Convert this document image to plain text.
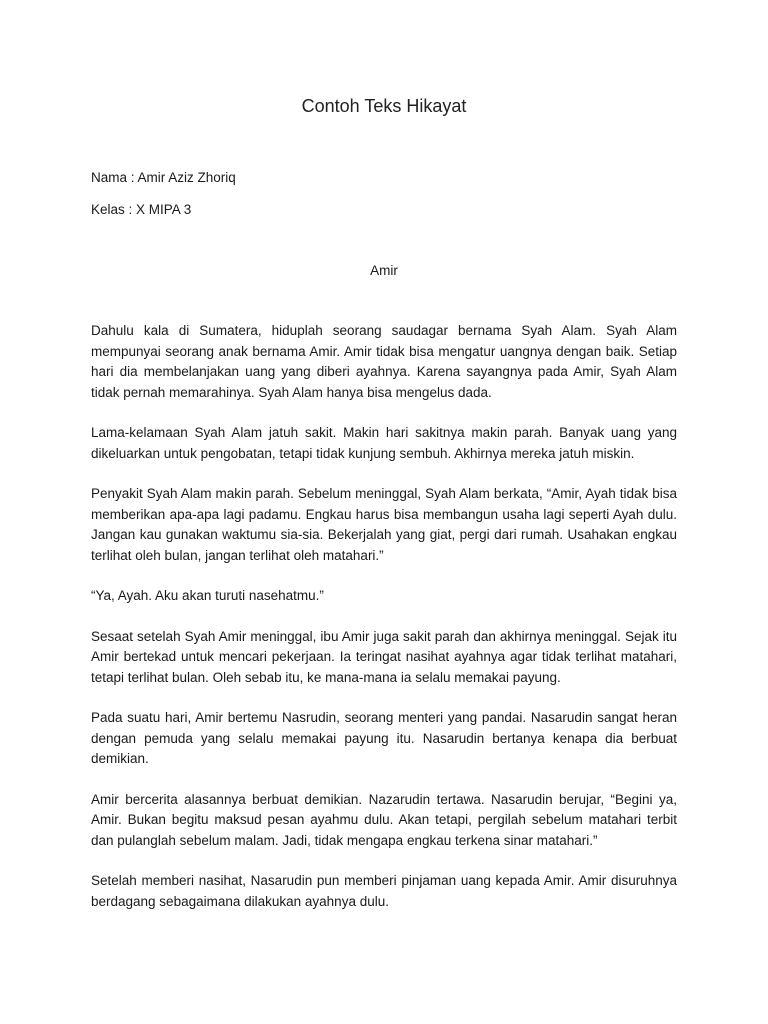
Contoh Teks Hikayat

Nama : Amir Aziz Zhoriq

Kelas : X MIPA 3

Amir

Dahulu kala di Sumatera, hiduplah seorang saudagar bernama Syah Alam. Syah Alam mempunyai seorang anak bernama Amir. Amir tidak bisa mengatur uangnya dengan baik. Setiap hari dia membelanjakan uang yang diberi ayahnya. Karena sayangnya pada Amir, Syah Alam tidak pernah memarahinya. Syah Alam hanya bisa mengelus dada.

Lama-kelamaan Syah Alam jatuh sakit. Makin hari sakitnya makin parah. Banyak uang yang dikeluarkan untuk pengobatan, tetapi tidak kunjung sembuh. Akhirnya mereka jatuh miskin.

Penyakit Syah Alam makin parah. Sebelum meninggal, Syah Alam berkata, “Amir, Ayah tidak bisa memberikan apa-apa lagi padamu. Engkau harus bisa membangun usaha lagi seperti Ayah dulu. Jangan kau gunakan waktumu sia-sia. Bekerjalah yang giat, pergi dari rumah. Usahakan engkau terlihat oleh bulan, jangan terlihat oleh matahari.”

“Ya, Ayah. Aku akan turuti nasehatmu.”

Sesaat setelah Syah Amir meninggal, ibu Amir juga sakit parah dan akhirnya meninggal. Sejak itu Amir bertekad untuk mencari pekerjaan. Ia teringat nasihat ayahnya agar tidak terlihat matahari, tetapi terlihat bulan. Oleh sebab itu, ke mana-mana ia selalu memakai payung.

Pada suatu hari, Amir bertemu Nasrudin, seorang menteri yang pandai. Nasarudin sangat heran dengan pemuda yang selalu memakai payung itu. Nasarudin bertanya kenapa dia berbuat demikian.

Amir bercerita alasannya berbuat demikian. Nazarudin tertawa. Nasarudin berujar, “Begini ya, Amir. Bukan begitu maksud pesan ayahmu dulu. Akan tetapi, pergilah sebelum matahari terbit dan pulanglah sebelum malam. Jadi, tidak mengapa engkau terkena sinar matahari.”

Setelah memberi nasihat, Nasarudin pun memberi pinjaman uang kepada Amir. Amir disuruhnya berdagang sebagaimana dilakukan ayahnya dulu.
